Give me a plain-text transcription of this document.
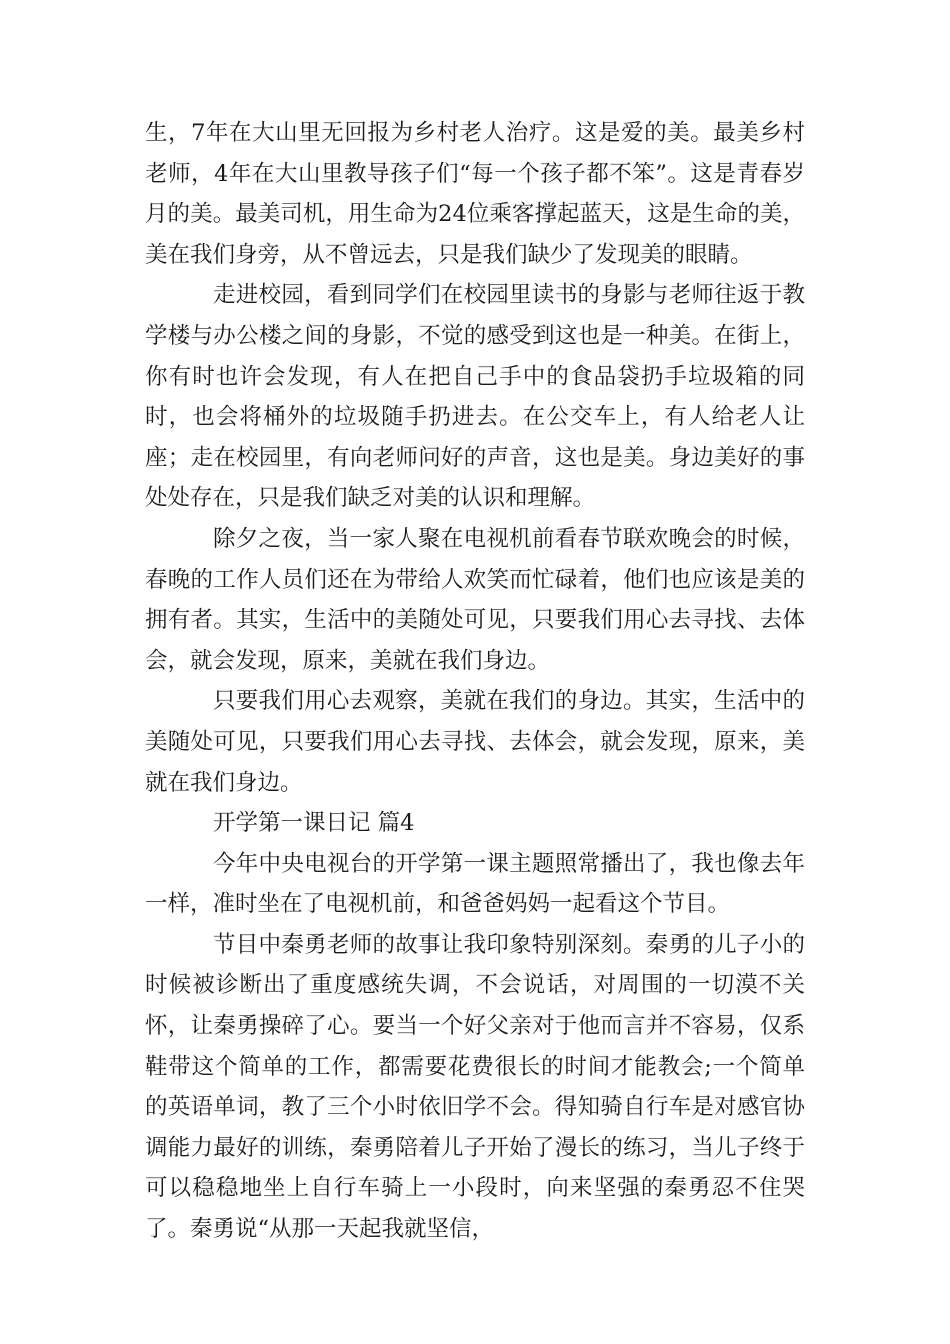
生，7年在大山里无回报为乡村老人治疗。这是爱的美。最美乡村老师，4年在大山里教导孩子们“每一个孩子都不笨”。这是青春岁月的美。最美司机，用生命为24位乘客撑起蓝天，这是生命的美，美在我们身旁，从不曾远去，只是我们缺少了发现美的眼睛。

走进校园，看到同学们在校园里读书的身影与老师往返于教学楼与办公楼之间的身影，不觉的感受到这也是一种美。在街上，你有时也许会发现，有人在把自己手中的食品袋扔手垃圾箱的同时，也会将桶外的垃圾随手扔进去。在公交车上，有人给老人让座；走在校园里，有向老师问好的声音，这也是美。身边美好的事处处存在，只是我们缺乏对美的认识和理解。

除夕之夜，当一家人聚在电视机前看春节联欢晚会的时候，春晚的工作人员们还在为带给人欢笑而忙碌着，他们也应该是美的拥有者。其实，生活中的美随处可见，只要我们用心去寻找、去体会，就会发现，原来，美就在我们身边。

只要我们用心去观察，美就在我们的身边。其实，生活中的美随处可见，只要我们用心去寻找、去体会，就会发现，原来，美就在我们身边。

开学第一课日记 篇4

今年中央电视台的开学第一课主题照常播出了，我也像去年一样，准时坐在了电视机前，和爸爸妈妈一起看这个节目。

节目中秦勇老师的故事让我印象特别深刻。秦勇的儿子小的时候被诊断出了重度感统失调，不会说话，对周围的一切漠不关怀，让秦勇操碎了心。要当一个好父亲对于他而言并不容易，仅系鞋带这个简单的工作，都需要花费很长的时间才能教会;一个简单的英语单词，教了三个小时依旧学不会。得知骑自行车是对感官协调能力最好的训练，秦勇陪着儿子开始了漫长的练习，当儿子终于可以稳稳地坐上自行车骑上一小段时，向来坚强的秦勇忍不住哭了。秦勇说“从那一天起我就坚信，
